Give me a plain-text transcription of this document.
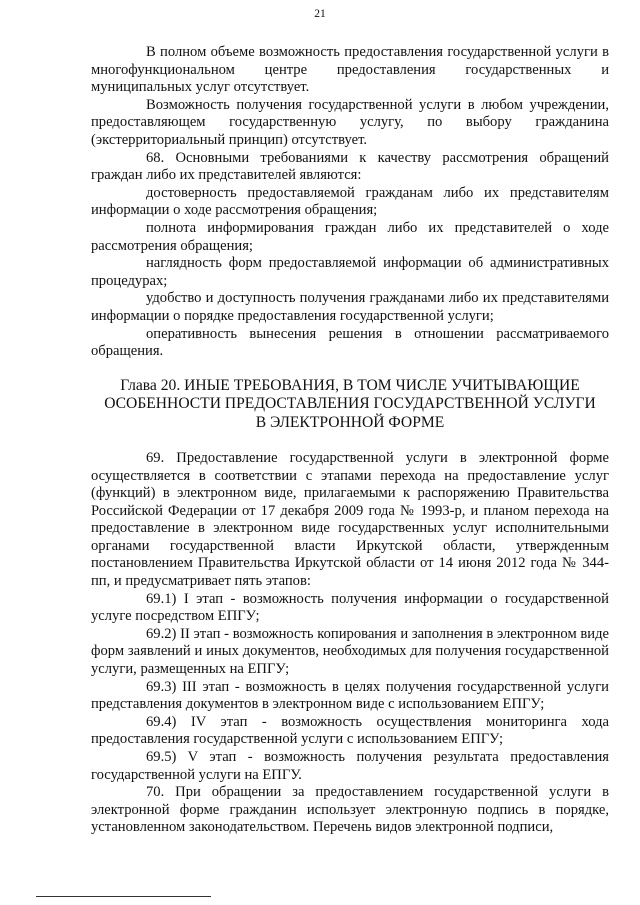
21

В полном объеме возможность предоставления государственной услуги в многофункциональном центре предоставления государственных и муниципальных услуг отсутствует.

Возможность получения государственной услуги в любом учреждении, предоставляющем государственную услугу, по выбору гражданина (экстерриториальный принцип) отсутствует.

68. Основными требованиями к качеству рассмотрения обращений граждан либо их представителей являются:

достоверность предоставляемой гражданам либо их представителям информации о ходе рассмотрения обращения;

полнота информирования граждан либо их представителей о ходе рассмотрения обращения;

наглядность форм предоставляемой информации об административных процедурах;

удобство и доступность получения гражданами либо их представителями информации о порядке предоставления государственной услуги;

оперативность вынесения решения в отношении рассматриваемого обращения.

Глава 20. ИНЫЕ ТРЕБОВАНИЯ, В ТОМ ЧИСЛЕ УЧИТЫВАЮЩИЕ
ОСОБЕННОСТИ ПРЕДОСТАВЛЕНИЯ ГОСУДАРСТВЕННОЙ УСЛУГИ
В ЭЛЕКТРОННОЙ ФОРМЕ

69. Предоставление государственной услуги в электронной форме осуществляется в соответствии с этапами перехода на предоставление услуг (функций) в электронном виде, прилагаемыми к распоряжению Правительства Российской Федерации от 17 декабря 2009 года № 1993-р, и планом перехода на предоставление в электронном виде государственных услуг исполнительными органами государственной власти Иркутской области, утвержденным постановлением Правительства Иркутской области от 14 июня 2012 года № 344-пп, и предусматривает пять этапов:

69.1) I этап - возможность получения информации о государственной услуге посредством ЕПГУ;

69.2) II этап - возможность копирования и заполнения в электронном виде форм заявлений и иных документов, необходимых для получения государственной услуги, размещенных на ЕПГУ;

69.3) III этап - возможность в целях получения государственной услуги представления документов в электронном виде с использованием ЕПГУ;

69.4) IV этап - возможность осуществления мониторинга хода предоставления государственной услуги с использованием ЕПГУ;

69.5) V этап - возможность получения результата предоставления государственной услуги на ЕПГУ.

70. При обращении за предоставлением государственной услуги в электронной форме гражданин использует электронную подпись в порядке, установленном законодательством. Перечень видов электронной подписи,
